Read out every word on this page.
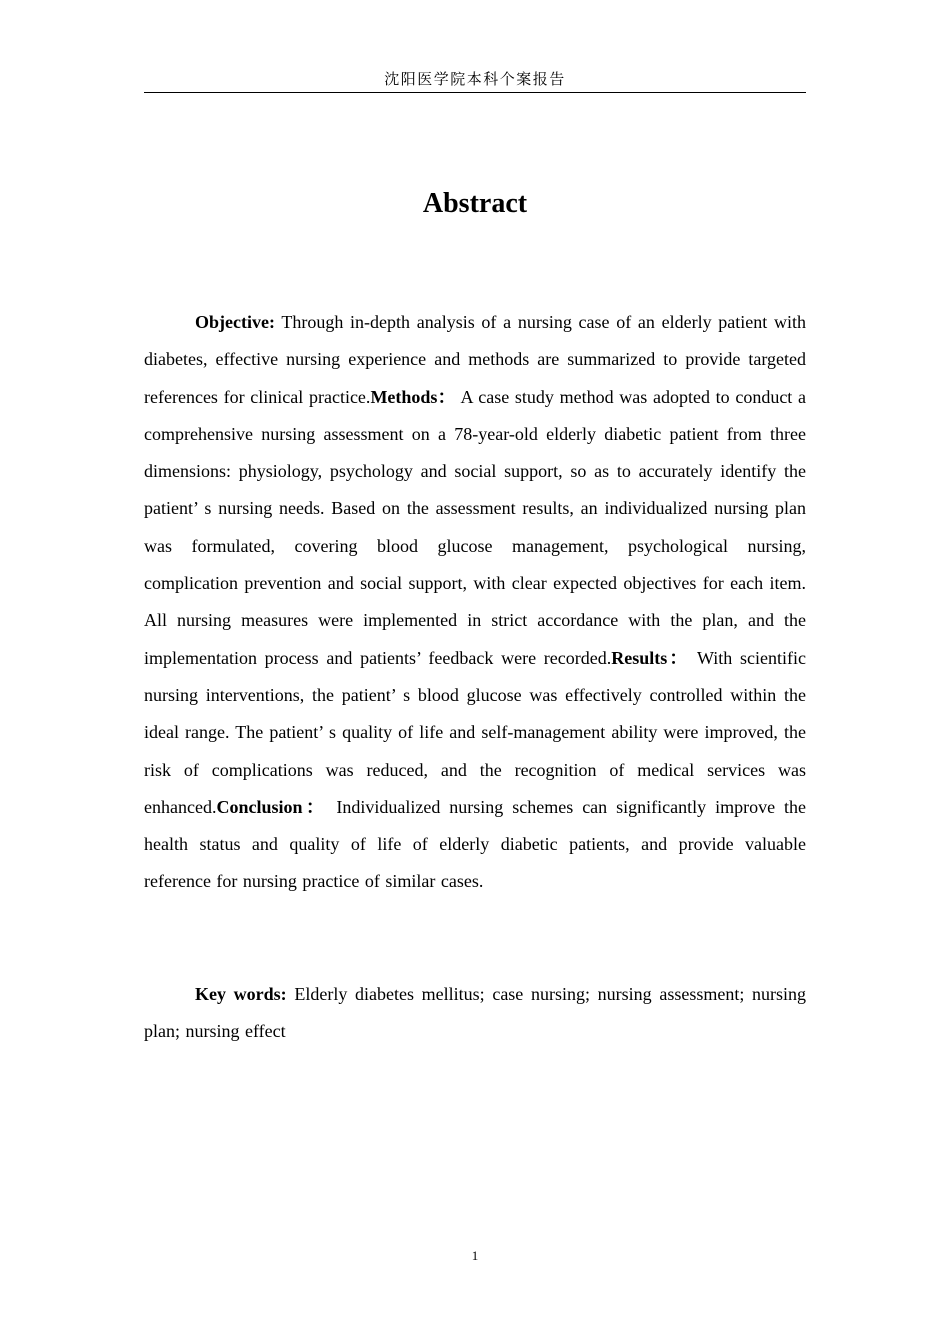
沈阳医学院本科个案报告
Abstract

Objective: Through in-depth analysis of a nursing case of an elderly patient with diabetes, effective nursing experience and methods are summarized to provide targeted references for clinical practice.Methods： A case study method was adopted to conduct a comprehensive nursing assessment on a 78-year-old elderly diabetic patient from three dimensions: physiology, psychology and social support, so as to accurately identify the patient’ s nursing needs. Based on the assessment results, an individualized nursing plan was formulated, covering blood glucose management, psychological nursing, complication prevention and social support, with clear expected objectives for each item. All nursing measures were implemented in strict accordance with the plan, and the implementation process and patients’ feedback were recorded.Results： With scientific nursing interventions, the patient’ s blood glucose was effectively controlled within the ideal range. The patient’ s quality of life and self-management ability were improved, the risk of complications was reduced, and the recognition of medical services was enhanced.Conclusion： Individualized nursing schemes can significantly improve the health status and quality of life of elderly diabetic patients, and provide valuable reference for nursing practice of similar cases.

Key words: Elderly diabetes mellitus; case nursing; nursing assessment; nursing plan; nursing effect

1
